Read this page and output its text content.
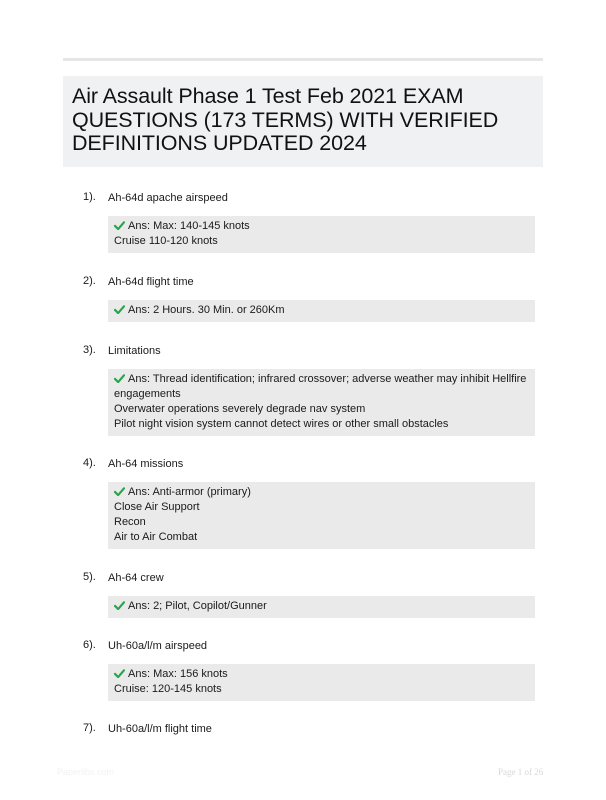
Air Assault Phase 1 Test Feb 2021 EXAM QUESTIONS (173 TERMS) WITH VERIFIED DEFINITIONS UPDATED 2024
1). Ah-64d apache airspeed
Ans: Max: 140-145 knots
Cruise 110-120 knots
2). Ah-64d flight time
Ans: 2 Hours. 30 Min. or 260Km
3). Limitations
Ans: Thread identification; infrared crossover; adverse weather may inhibit Hellfire
engagements
Overwater operations severely degrade nav system
Pilot night vision system cannot detect wires or other small obstacles
4). Ah-64 missions
Ans: Anti-armor (primary)
Close Air Support
Recon
Air to Air Combat
5). Ah-64 crew
Ans: 2; Pilot, Copilot/Gunner
6). Uh-60a/l/m airspeed
Ans: Max: 156 knots
Cruise: 120-145 knots
7). Uh-60a/l/m flight time
Paperlibs.com	Page 1 of 26
